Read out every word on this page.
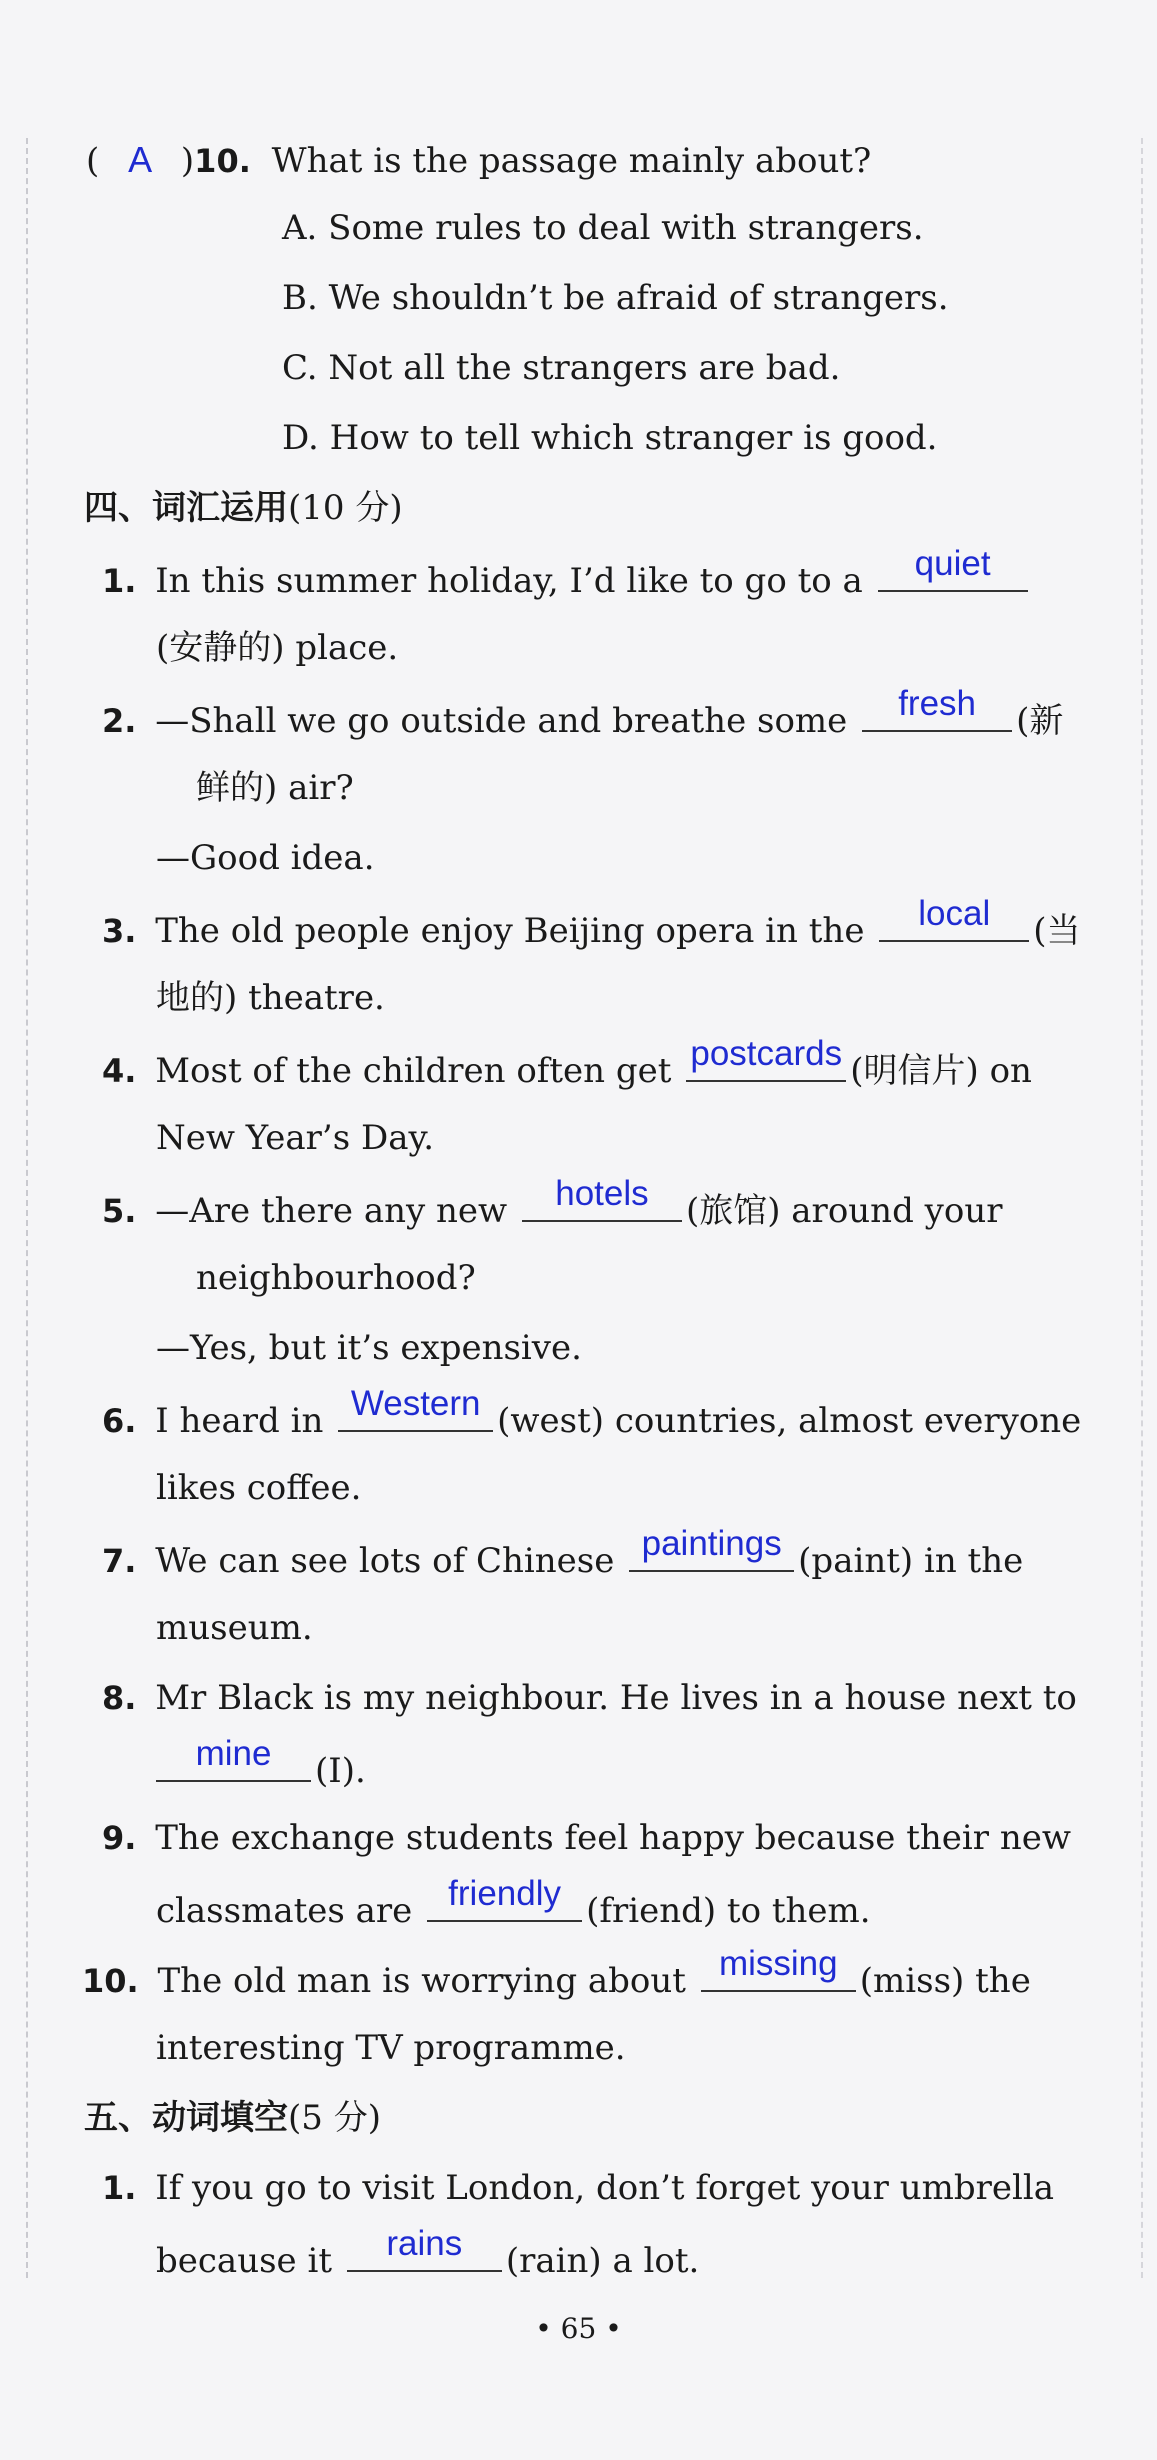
( A )10. What is the passage mainly about?
A. Some rules to deal with strangers.
B. We shouldn’t be afraid of strangers.
C. Not all the strangers are bad.
D. How to tell which stranger is good.
四、词汇运用(10 分)
1. In this summer holiday, I’d like to go to a	quiet
(安静的) place.
2. —Shall we go outside and breathe some	fresh	(新
鲜的) air?
—Good idea.
3. The old people enjoy Beijing opera in the	local	(当
地的) theatre.
4. Most of the children often get postcards (明信片) on
New Year’s Day.
5. —Are there any new	hotels	(旅馆) around your
neighbourhood?
—Yes, but it’s expensive.
6. I heard in Western (west) countries, almost everyone
likes coffee.
7. We can see lots of Chinese paintings (paint) in the
museum.
8. Mr Black is my neighbour. He lives in a house next to
mine	(I).
9. The exchange students feel happy because their new
classmates are	friendly (friend) to them.
10. The old man is worrying about missing (miss) the
interesting TV programme.
五、动词填空(5 分)
1. If you go to visit London, don’t forget your umbrella
because it	rains	(rain) a lot.
• 65 •
